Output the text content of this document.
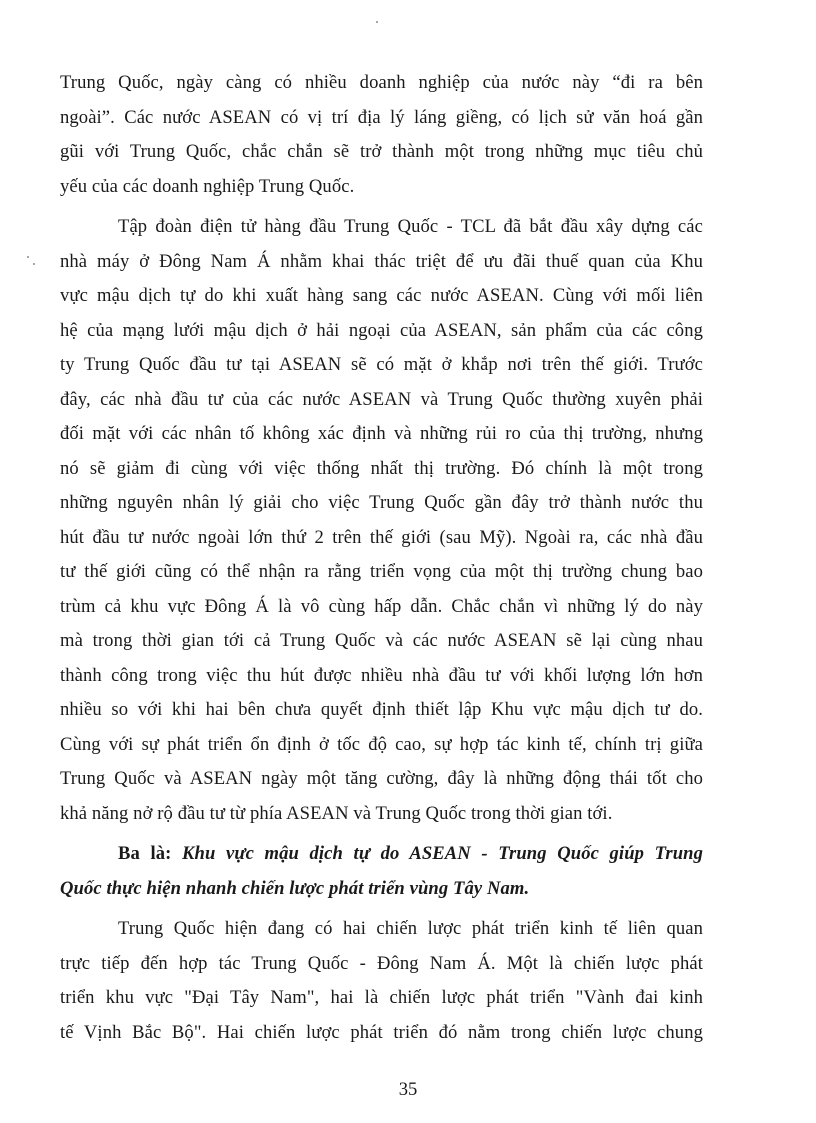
Trung Quốc, ngày càng có nhiều doanh nghiệp của nước này “đi ra bên
ngoài”. Các nước ASEAN có vị trí địa lý láng giềng, có lịch sử văn hoá gần
gũi với Trung Quốc, chắc chắn sẽ trở thành một trong những mục tiêu chủ
yếu của các doanh nghiệp Trung Quốc.
Tập đoàn điện tử hàng đầu Trung Quốc - TCL đã bắt đầu xây dựng các
nhà máy ở Đông Nam Á nhằm khai thác triệt để ưu đãi thuế quan của Khu
vực mậu dịch tự do khi xuất hàng sang các nước ASEAN. Cùng với mối liên
hệ của mạng lưới mậu dịch ở hải ngoại của ASEAN, sản phẩm của các công
ty Trung Quốc đầu tư tại ASEAN sẽ có mặt ở khắp nơi trên thế giới. Trước
đây, các nhà đầu tư của các nước ASEAN và Trung Quốc thường xuyên phải
đối mặt với các nhân tố không xác định và những rủi ro của thị trường, nhưng
nó sẽ giảm đi cùng với việc thống nhất thị trường. Đó chính là một trong
những nguyên nhân lý giải cho việc Trung Quốc gần đây trở thành nước thu
hút đầu tư nước ngoài lớn thứ 2 trên thế giới (sau Mỹ). Ngoài ra, các nhà đầu
tư thế giới cũng có thể nhận ra rằng triển vọng của một thị trường chung bao
trùm cả khu vực Đông Á là vô cùng hấp dẫn. Chắc chắn vì những lý do này
mà trong thời gian tới cả Trung Quốc và các nước ASEAN sẽ lại cùng nhau
thành công trong việc thu hút được nhiều nhà đầu tư với khối lượng lớn hơn
nhiều so với khi hai bên chưa quyết định thiết lập Khu vực mậu dịch tư do.
Cùng với sự phát triển ổn định ở tốc độ cao, sự hợp tác kinh tế, chính trị giữa
Trung Quốc và ASEAN ngày một tăng cường, đây là những động thái tốt cho
khả năng nở rộ đầu tư từ phía ASEAN và Trung Quốc trong thời gian tới.
Ba là: Khu vực mậu dịch tự do ASEAN - Trung Quốc giúp Trung
Quốc thực hiện nhanh chiến lược phát triển vùng Tây Nam.
Trung Quốc hiện đang có hai chiến lược phát triển kinh tế liên quan
trực tiếp đến hợp tác Trung Quốc - Đông Nam Á. Một là chiến lược phát
triển khu vực "Đại Tây Nam", hai là chiến lược phát triển "Vành đai kinh
tế Vịnh Bắc Bộ". Hai chiến lược phát triển đó nằm trong chiến lược chung
35
